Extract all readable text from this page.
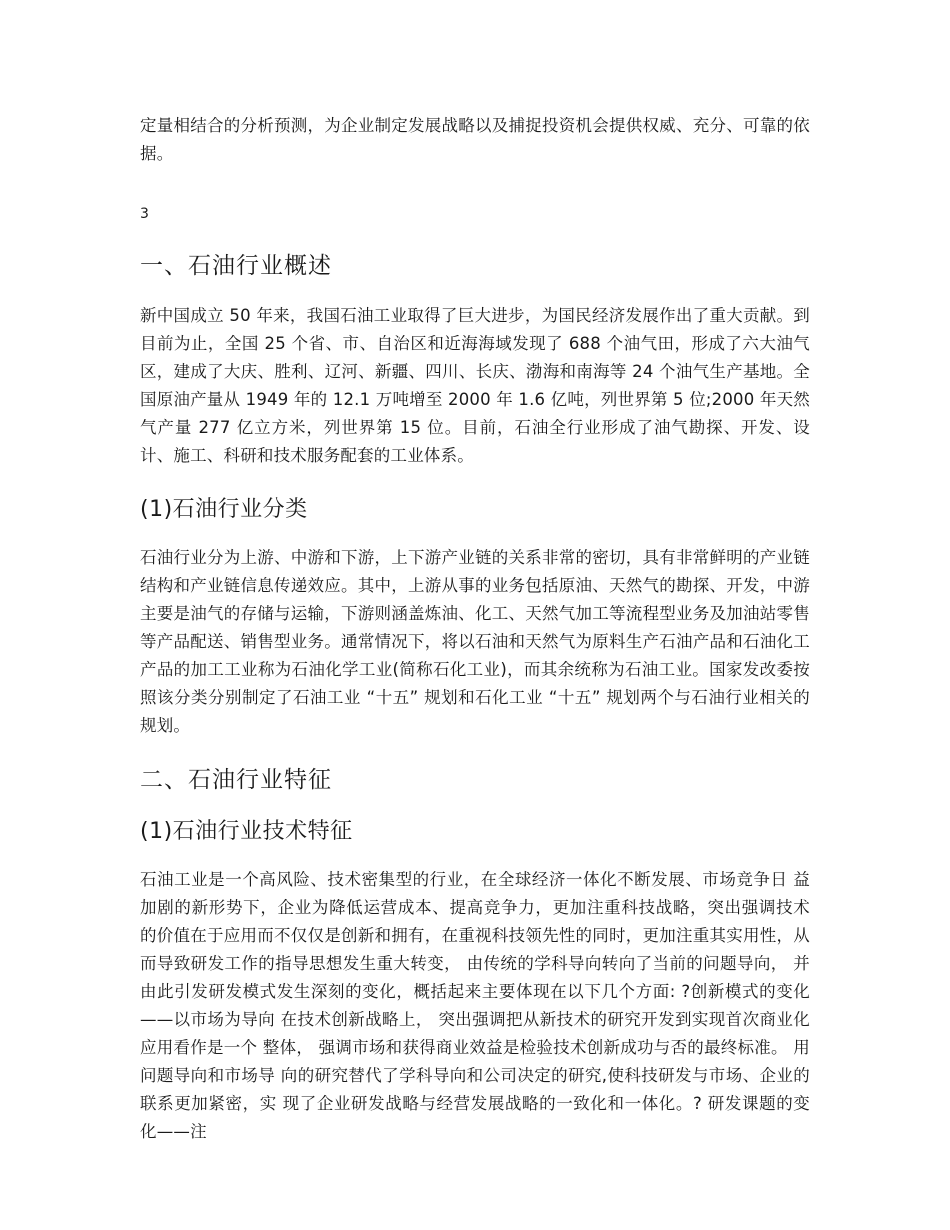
定量相结合的分析预测，为企业制定发展战略以及捕捉投资机会提供权威、充分、可靠的依据。

3

一、石油行业概述

新中国成立 50 年来，我国石油工业取得了巨大进步，为国民经济发展作出了重大贡献。到目前为止，全国 25 个省、市、自治区和近海海域发现了 688 个油气田，形成了六大油气区，建成了大庆、胜利、辽河、新疆、四川、长庆、渤海和南海等 24 个油气生产基地。全国原油产量从 1949 年的 12.1 万吨增至 2000 年 1.6 亿吨，列世界第 5 位;2000 年天然气产量 277 亿立方米，列世界第 15 位。目前，石油全行业形成了油气勘探、开发、设计、施工、科研和技术服务配套的工业体系。

(1)石油行业分类

石油行业分为上游、中游和下游，上下游产业链的关系非常的密切，具有非常鲜明的产业链结构和产业链信息传递效应。其中，上游从事的业务包括原油、天然气的勘探、开发，中游主要是油气的存储与运输，下游则涵盖炼油、化工、天然气加工等流程型业务及加油站零售等产品配送、销售型业务。通常情况下，将以石油和天然气为原料生产石油产品和石油化工产品的加工工业称为石油化学工业(简称石化工业)，而其余统称为石油工业。国家发改委按照该分类分别制定了石油工业 “十五” 规划和石化工业 “十五” 规划两个与石油行业相关的规划。

二、石油行业特征
(1)石油行业技术特征

石油工业是一个高风险、技术密集型的行业，在全球经济一体化不断发展、市场竞争日 益加剧的新形势下，企业为降低运营成本、提高竞争力，更加注重科技战略，突出强调技术 的价值在于应用而不仅仅是创新和拥有，在重视科技领先性的同时，更加注重其实用性，从 而导致研发工作的指导思想发生重大转变， 由传统的学科导向转向了当前的问题导向， 并由此引发研发模式发生深刻的变化，概括起来主要体现在以下几个方面: ?创新模式的变化——以市场为导向 在技术创新战略上， 突出强调把从新技术的研究开发到实现首次商业化应用看作是一个 整体， 强调市场和获得商业效益是检验技术创新成功与否的最终标准。 用问题导向和市场导 向的研究替代了学科导向和公司决定的研究,使科技研发与市场、企业的联系更加紧密，实 现了企业研发战略与经营发展战略的一致化和一体化。? 研发课题的变化——注
